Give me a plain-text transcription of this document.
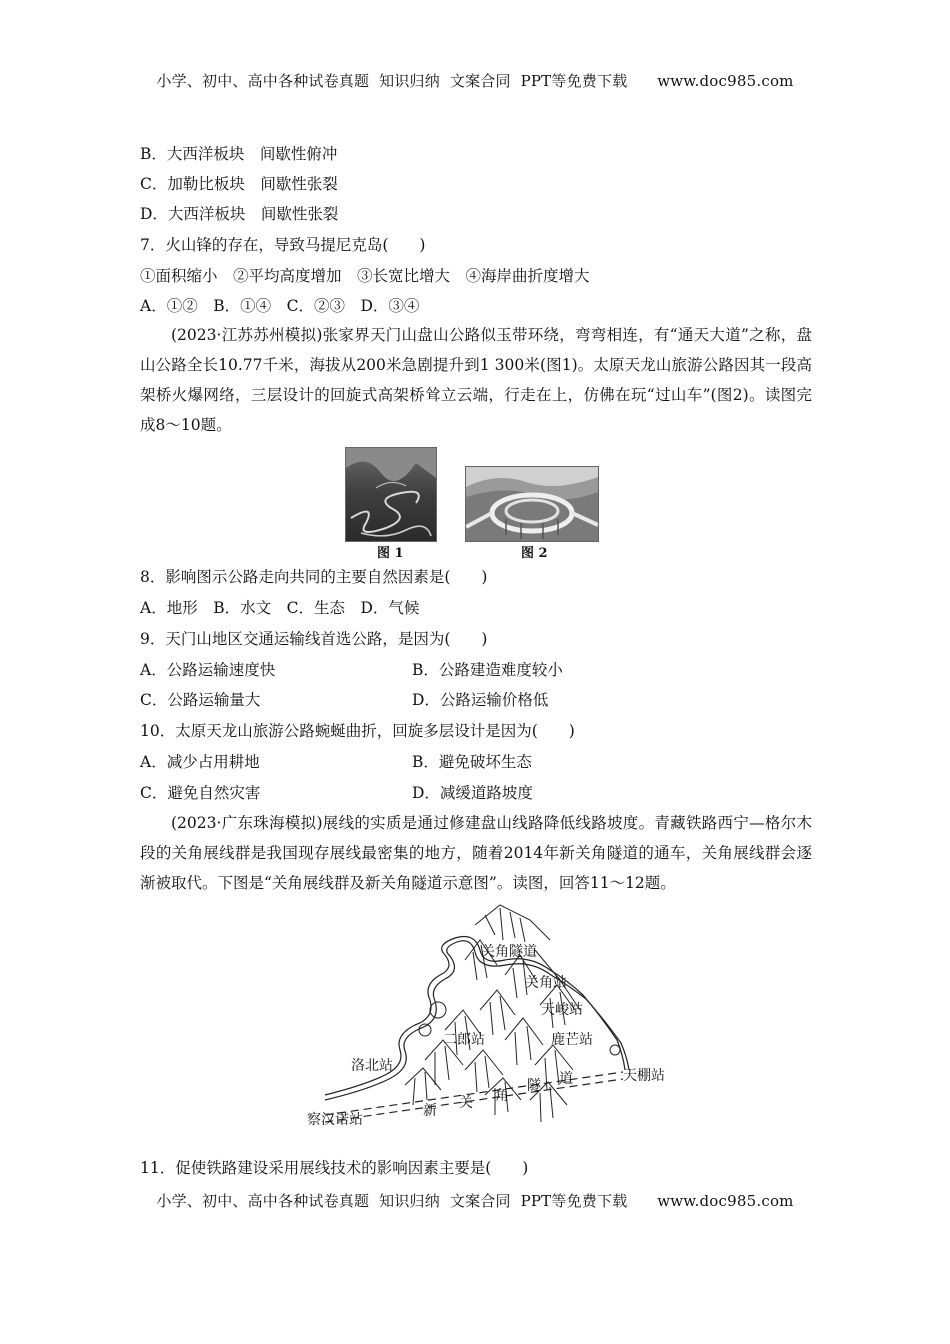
小学、初中、高中各种试卷真题  知识归纳  文案合同  PPT等免费下载      www.doc985.com
B．大西洋板块　间歇性俯冲
C．加勒比板块　间歇性张裂
D．大西洋板块　间歇性张裂
7．火山锋的存在，导致马提尼克岛(　　)
①面积缩小　②平均高度增加　③长宽比增大　④海岸曲折度增大
A．①②　B．①④　C．②③　D．③④
(2023·江苏苏州模拟)张家界天门山盘山公路似玉带环绕，弯弯相连，有“通天大道”之称，盘山公路全长10.77千米，海拔从200米急剧提升到1 300米(图1)。太原天龙山旅游公路因其一段高架桥火爆网络，三层设计的回旋式高架桥耸立云端，行走在上，仿佛在玩“过山车”(图2)。读图完成8～10题。
图 1	图 2
8．影响图示公路走向共同的主要自然因素是(　　)
A．地形　B．水文　C．生态　D．气候
9．天门山地区交通运输线首选公路，是因为(　　)
A．公路运输速度快	B．公路建造难度较小
C．公路运输量大	D．公路运输价格低
10．太原天龙山旅游公路蜿蜒曲折，回旋多层设计是因为(　　)
A．减少占用耕地	B．避免破坏生态
C．避免自然灾害	D．减缓道路坡度
(2023·广东珠海模拟)展线的实质是通过修建盘山线路降低线路坡度。青藏铁路西宁—格尔木段的关角展线群是我国现存展线最密集的地方，随着2014年新关角隧道的通车，关角展线群会逐渐被取代。下图是“关角展线群及新关角隧道示意图”。读图，回答11～12题。
关角隧道
关角站
天峻站
二郎站	鹿芒站
洛北站
天棚站
察汉诺站
新 关 角
隧 道
11．促使铁路建设采用展线技术的影响因素主要是(　　)
小学、初中、高中各种试卷真题  知识归纳  文案合同  PPT等免费下载      www.doc985.com
